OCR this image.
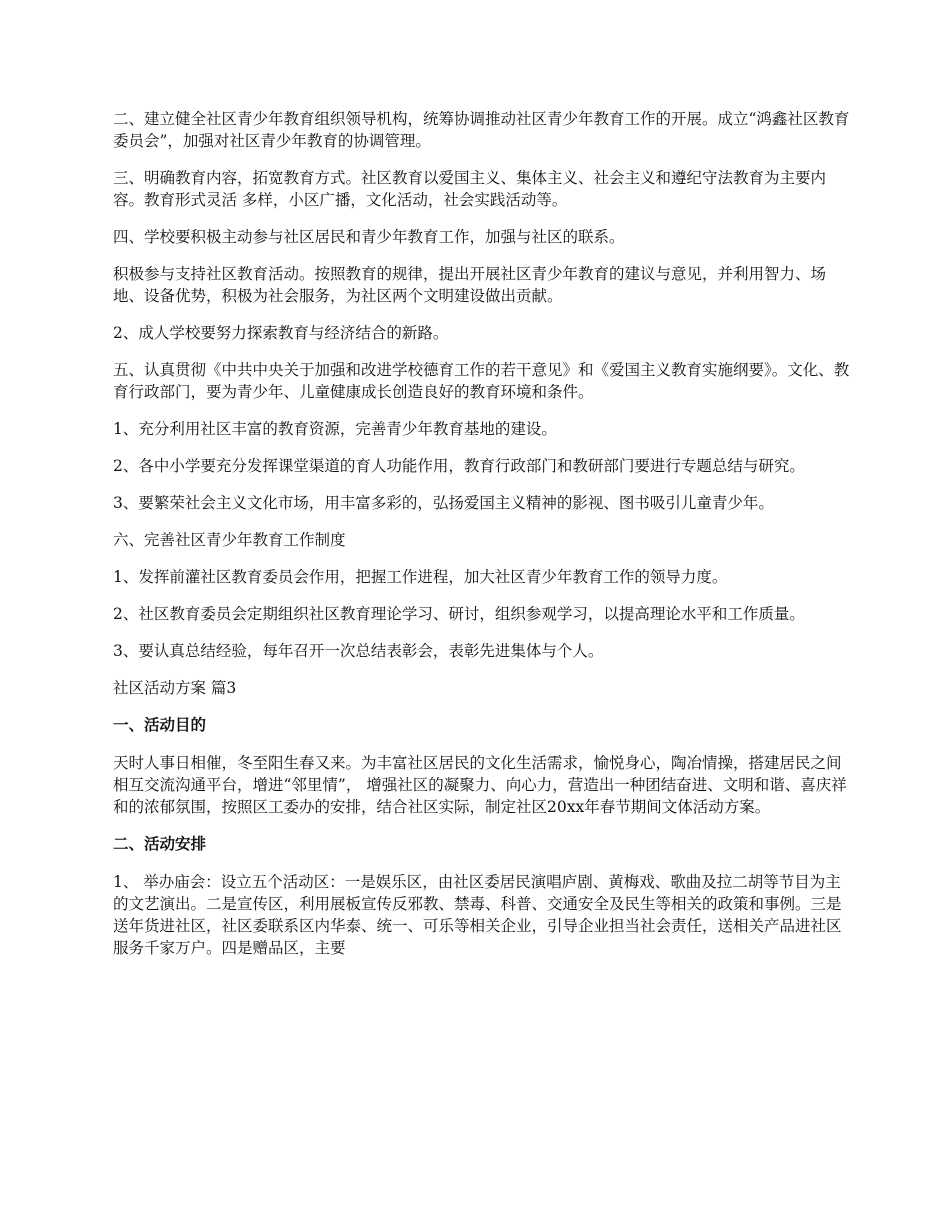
二、建立健全社区青少年教育组织领导机构，统筹协调推动社区青少年教育工作的开展。成立“鸿鑫社区教育委员会”，加强对社区青少年教育的协调管理。

三、明确教育内容，拓宽教育方式。社区教育以爱国主义、集体主义、社会主义和遵纪守法教育为主要内容。教育形式灵活 多样，小区广播，文化活动，社会实践活动等。

四、学校要积极主动参与社区居民和青少年教育工作，加强与社区的联系。

积极参与支持社区教育活动。按照教育的规律，提出开展社区青少年教育的建议与意见，并利用智力、场地、设备优势，积极为社会服务，为社区两个文明建设做出贡献。

2、成人学校要努力探索教育与经济结合的新路。

五、认真贯彻《中共中央关于加强和改进学校德育工作的若干意见》和《爱国主义教育实施纲要》。文化、教育行政部门，要为青少年、儿童健康成长创造良好的教育环境和条件。

1、充分利用社区丰富的教育资源，完善青少年教育基地的建设。

2、各中小学要充分发挥课堂渠道的育人功能作用，教育行政部门和教研部门要进行专题总结与研究。

3、要繁荣社会主义文化市场，用丰富多彩的，弘扬爱国主义精神的影视、图书吸引儿童青少年。

六、完善社区青少年教育工作制度

1、发挥前灌社区教育委员会作用，把握工作进程，加大社区青少年教育工作的领导力度。

2、社区教育委员会定期组织社区教育理论学习、研讨，组织参观学习，以提高理论水平和工作质量。

3、要认真总结经验，每年召开一次总结表彰会，表彰先进集体与个人。

社区活动方案 篇3

一、活动目的

天时人事日相催，冬至阳生春又来。为丰富社区居民的文化生活需求，愉悦身心，陶冶情操，搭建居民之间相互交流沟通平台，增进“邻里情”， 增强社区的凝聚力、向心力，营造出一种团结奋进、文明和谐、喜庆祥和的浓郁氛围，按照区工委办的安排，结合社区实际，制定社区20xx年春节期间文体活动方案。

二、活动安排

1、 举办庙会：设立五个活动区：一是娱乐区，由社区委居民演唱庐剧、黄梅戏、歌曲及拉二胡等节目为主的文艺演出。二是宣传区，利用展板宣传反邪教、禁毒、科普、交通安全及民生等相关的政策和事例。三是送年货进社区，社区委联系区内华泰、统一、可乐等相关企业，引导企业担当社会责任，送相关产品进社区服务千家万户。四是赠品区，主要
